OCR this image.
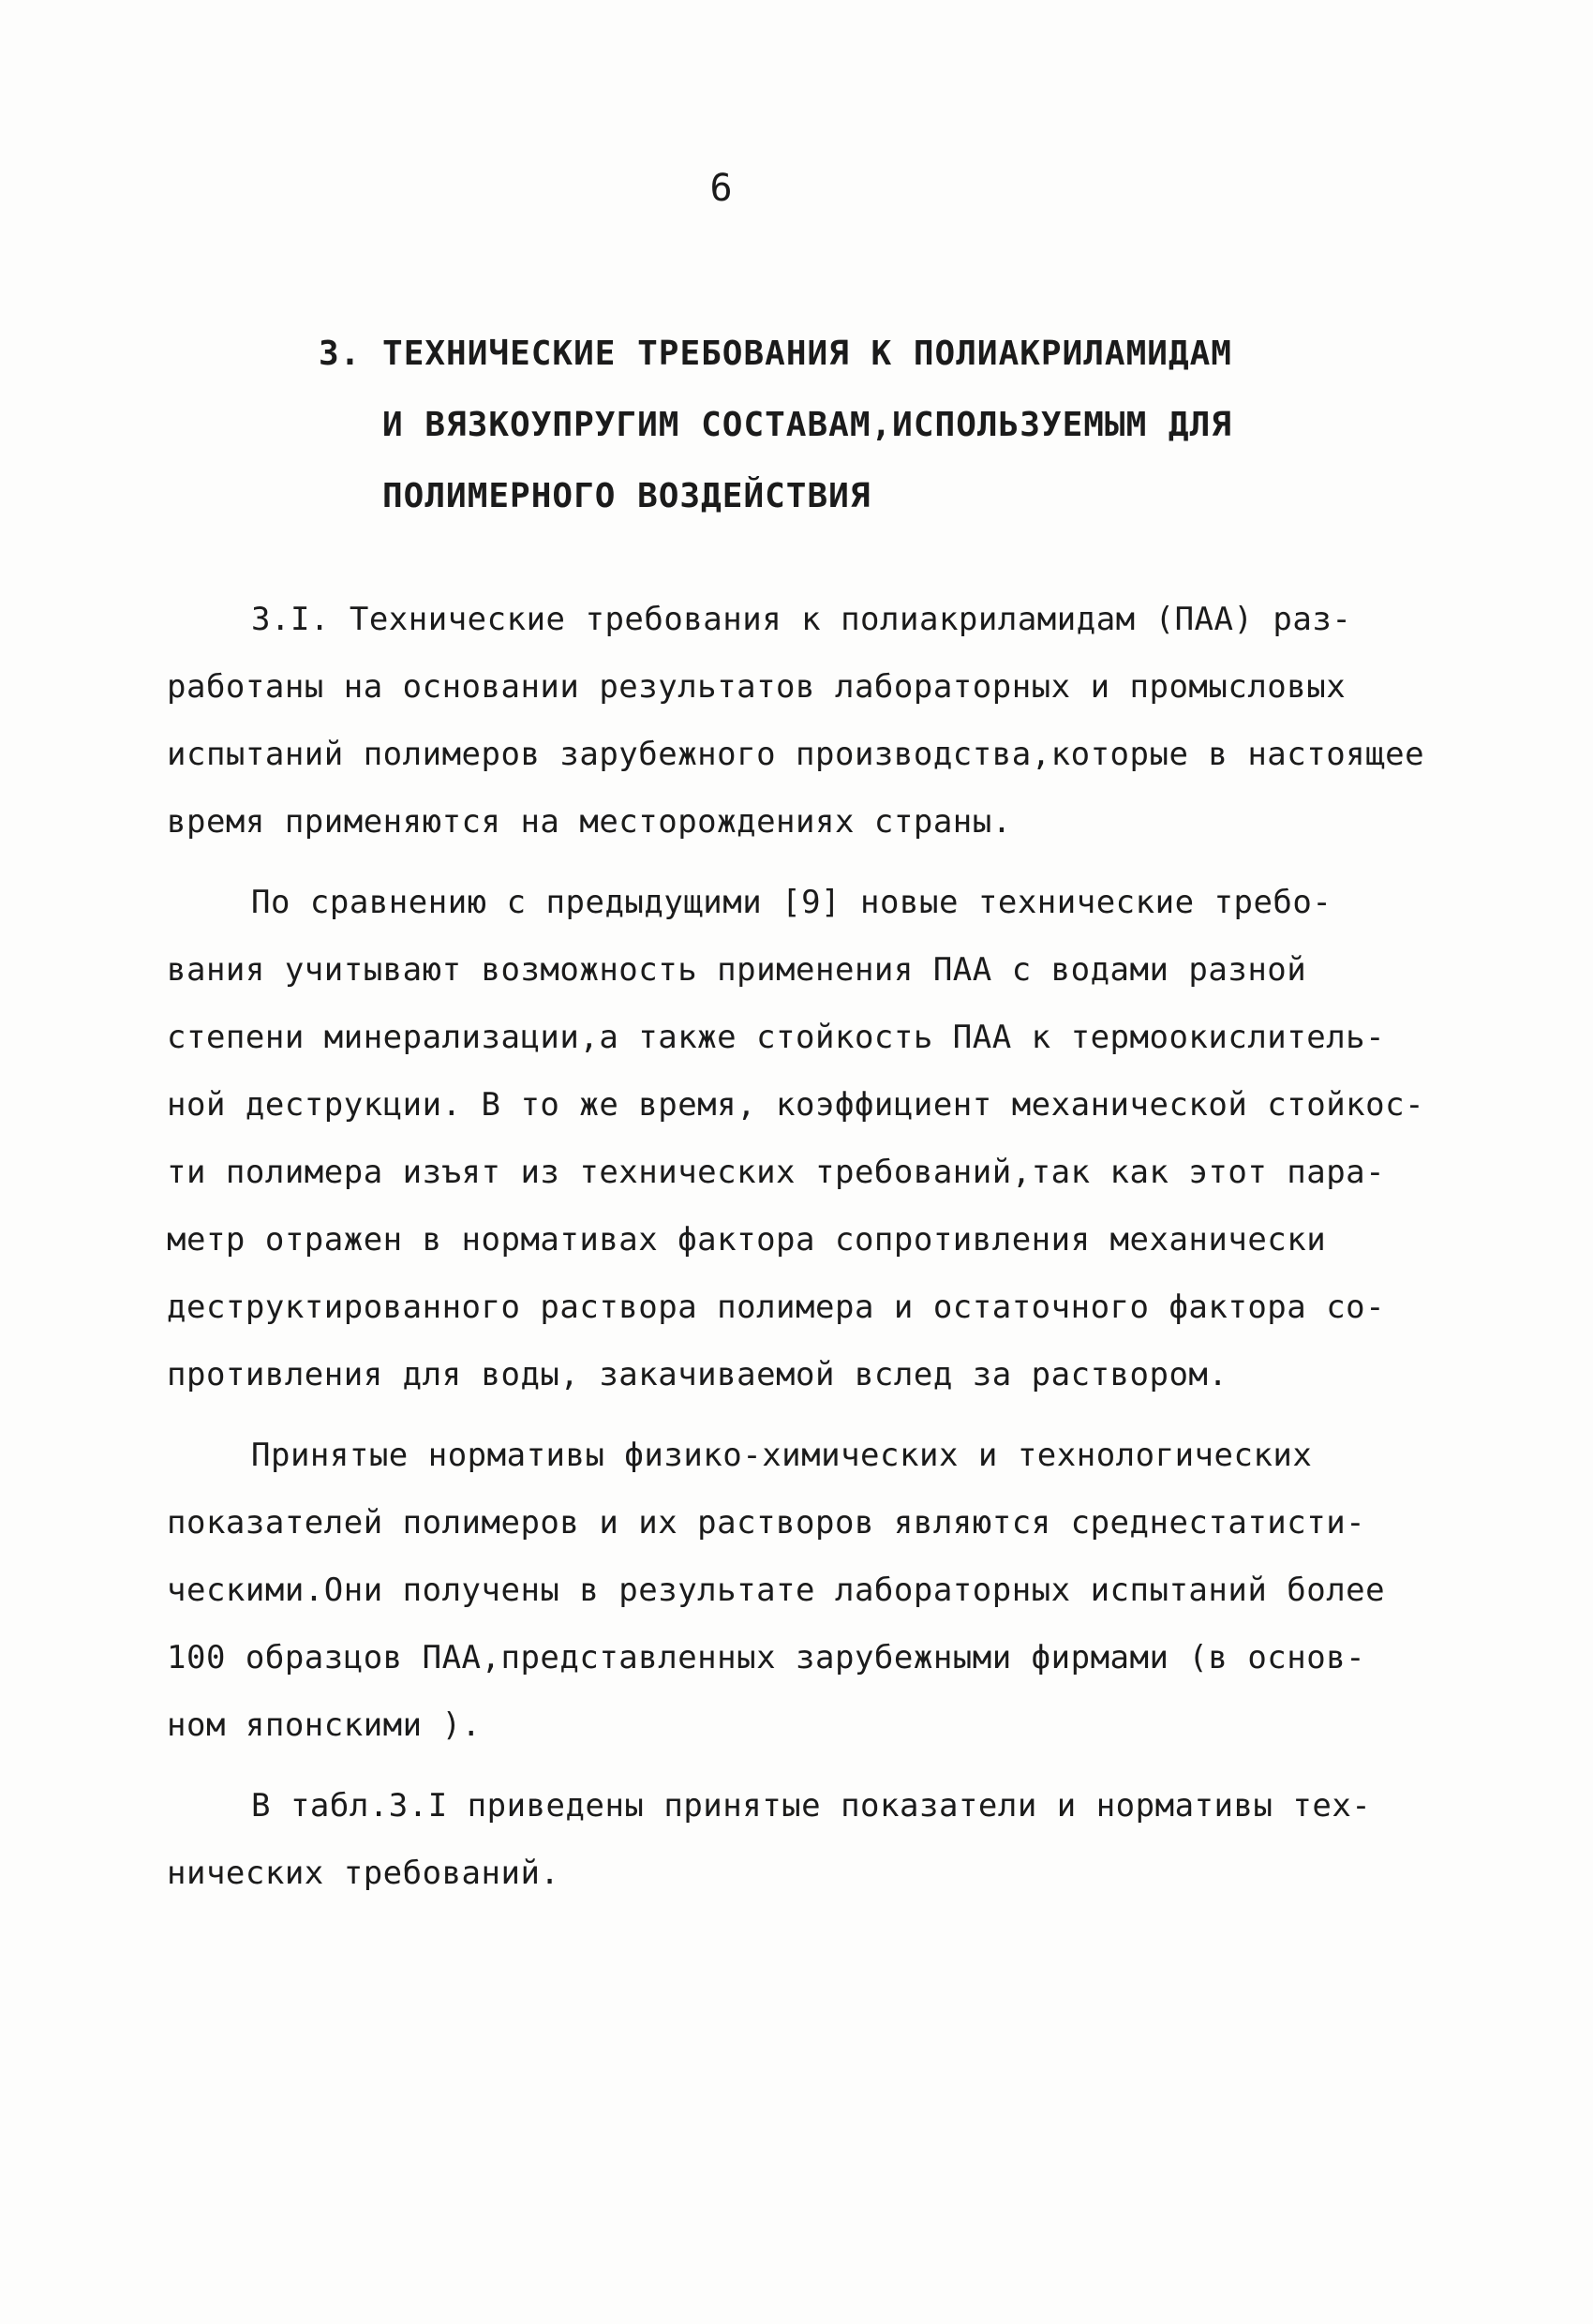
6
3. ТЕХНИЧЕСКИЕ ТРЕБОВАНИЯ К ПОЛИАКРИЛАМИДАМ
И ВЯЗКОУПРУГИМ СОСТАВАМ,ИСПОЛЬЗУЕМЫМ ДЛЯ
ПОЛИМЕРНОГО ВОЗДЕЙСТВИЯ
3.I. Технические требования к полиакриламидам (ПАА) раз-
работаны на основании результатов лабораторных и промысловых
испытаний полимеров зарубежного производства,которые в настоящее
время применяются на месторождениях страны.
По сравнению с предыдущими [9] новые технические требо-
вания учитывают возможность применения ПАА с водами разной
степени минерализации,а также стойкость ПАА к термоокислитель-
ной деструкции. В то же время, коэффициент механической стойкос-
ти полимера изъят из технических требований,так как этот пара-
метр отражен в нормативах фактора сопротивления механически
деструктированного раствора полимера и остаточного фактора со-
противления для воды, закачиваемой вслед за раствором.
Принятые нормативы физико-химических и технологических
показателей полимеров и их растворов являются среднестатисти-
ческими.Они получены в результате лабораторных испытаний более
100 образцов ПАА,представленных зарубежными фирмами (в основ-
ном японскими ).
В табл.3.I приведены принятые показатели и нормативы тех-
нических требований.
